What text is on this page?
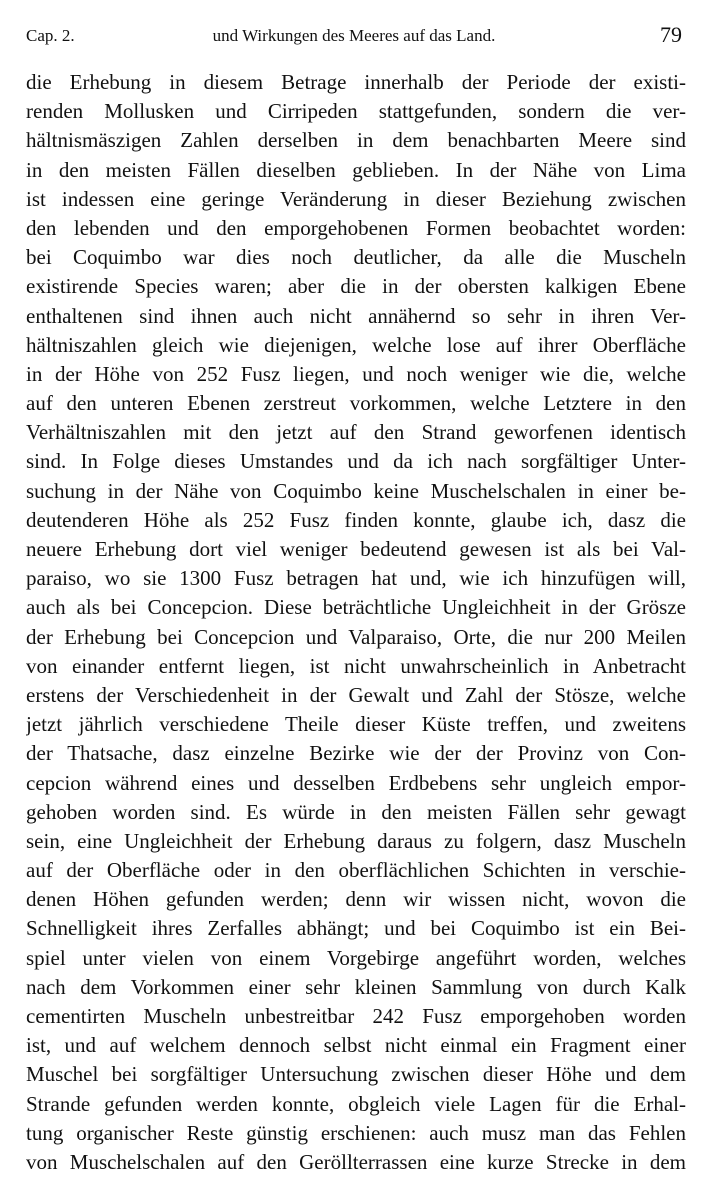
Cap. 2.	und Wirkungen des Meeres auf das Land.	79
die Erhebung in diesem Betrage innerhalb der Periode der existi-
renden Mollusken und Cirripeden stattgefunden, sondern die ver-
hältnismäszigen Zahlen derselben in dem benachbarten Meere sind
in den meisten Fällen dieselben geblieben. In der Nähe von Lima
ist indessen eine geringe Veränderung in dieser Beziehung zwischen
den lebenden und den emporgehobenen Formen beobachtet worden:
bei Coquimbo war dies noch deutlicher, da alle die Muscheln
existirende Species waren; aber die in der obersten kalkigen Ebene
enthaltenen sind ihnen auch nicht annähernd so sehr in ihren Ver-
hältniszahlen gleich wie diejenigen, welche lose auf ihrer Oberfläche
in der Höhe von 252 Fusz liegen, und noch weniger wie die, welche
auf den unteren Ebenen zerstreut vorkommen, welche Letztere in den
Verhältniszahlen mit den jetzt auf den Strand geworfenen identisch
sind. In Folge dieses Umstandes und da ich nach sorgfältiger Unter-
suchung in der Nähe von Coquimbo keine Muschelschalen in einer be-
deutenderen Höhe als 252 Fusz finden konnte, glaube ich, dasz die
neuere Erhebung dort viel weniger bedeutend gewesen ist als bei Val-
paraiso, wo sie 1300 Fusz betragen hat und, wie ich hinzufügen will,
auch als bei Concepcion. Diese beträchtliche Ungleichheit in der Grösze
der Erhebung bei Concepcion und Valparaiso, Orte, die nur 200 Meilen
von einander entfernt liegen, ist nicht unwahrscheinlich in Anbetracht
erstens der Verschiedenheit in der Gewalt und Zahl der Stösze, welche
jetzt jährlich verschiedene Theile dieser Küste treffen, und zweitens
der Thatsache, dasz einzelne Bezirke wie der der Provinz von Con-
cepcion während eines und desselben Erdbebens sehr ungleich empor-
gehoben worden sind. Es würde in den meisten Fällen sehr gewagt
sein, eine Ungleichheit der Erhebung daraus zu folgern, dasz Muscheln
auf der Oberfläche oder in den oberflächlichen Schichten in verschie-
denen Höhen gefunden werden; denn wir wissen nicht, wovon die
Schnelligkeit ihres Zerfalles abhängt; und bei Coquimbo ist ein Bei-
spiel unter vielen von einem Vorgebirge angeführt worden, welches
nach dem Vorkommen einer sehr kleinen Sammlung von durch Kalk
cementirten Muscheln unbestreitbar 242 Fusz emporgehoben worden
ist, und auf welchem dennoch selbst nicht einmal ein Fragment einer
Muschel bei sorgfältiger Untersuchung zwischen dieser Höhe und dem
Strande gefunden werden konnte, obgleich viele Lagen für die Erhal-
tung organischer Reste günstig erschienen: auch musz man das Fehlen
von Muschelschalen auf den Geröllterrassen eine kurze Strecke in dem
